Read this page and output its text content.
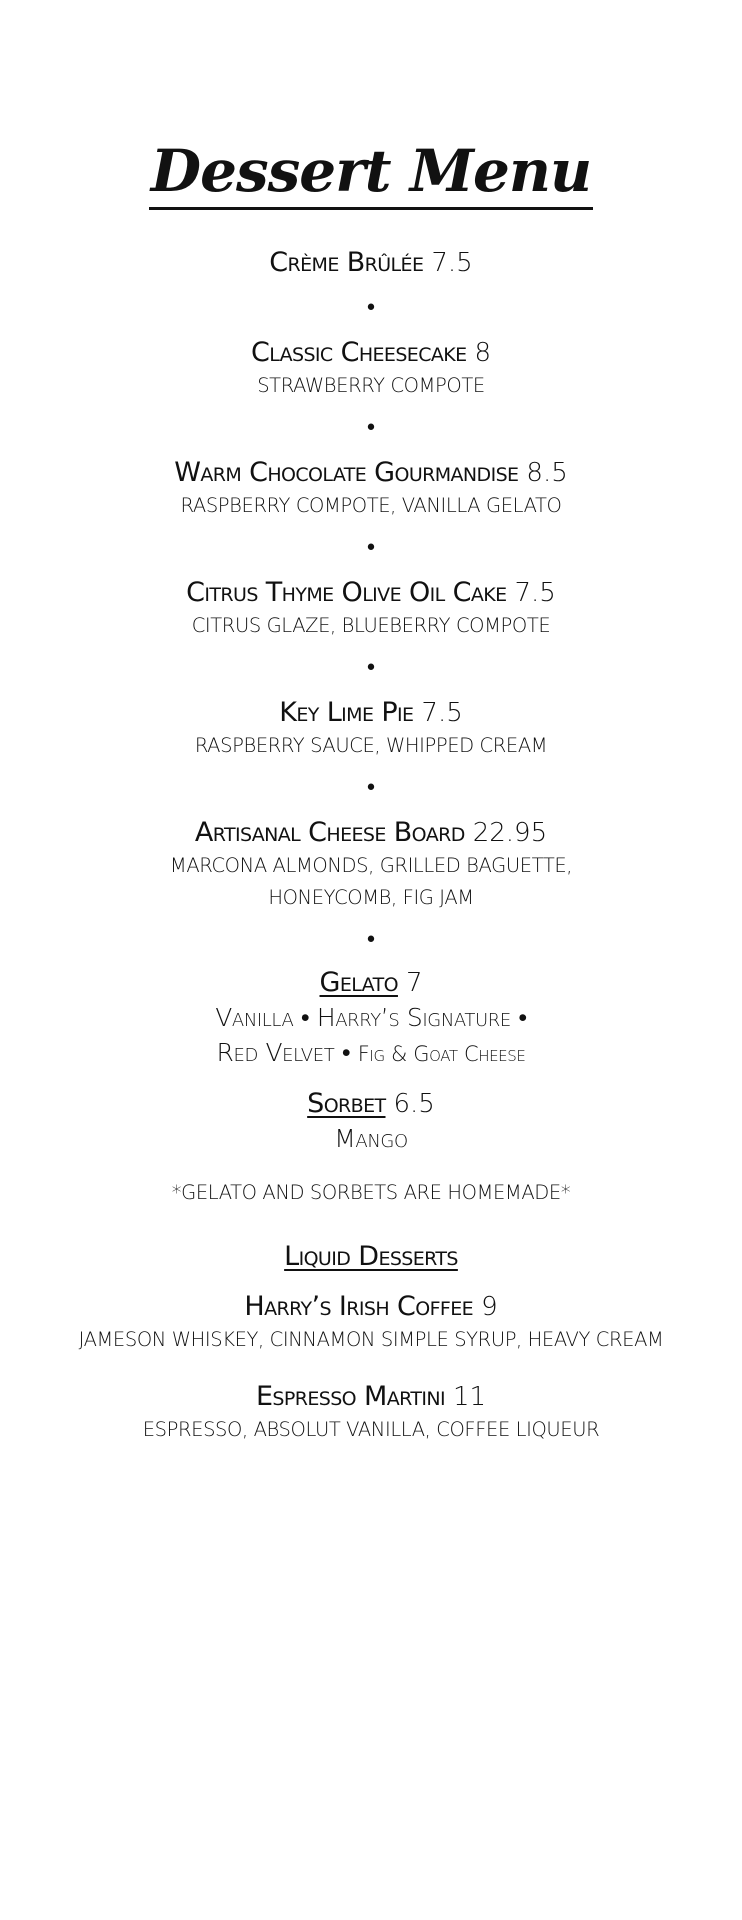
Dessert Menu
Crème Brûlée 7.5
•
Classic Cheesecake 8
STRAWBERRY COMPOTE
•
Warm Chocolate Gourmandise 8.5
RASPBERRY COMPOTE, VANILLA GELATO
•
Citrus Thyme Olive Oil Cake 7.5
CITRUS GLAZE, BLUEBERRY COMPOTE
•
Key Lime Pie 7.5
RASPBERRY SAUCE, WHIPPED CREAM
•
Artisanal Cheese Board 22.95
MARCONA ALMONDS, GRILLED BAGUETTE,
HONEYCOMB, FIG JAM
•
Gelato 7
Vanilla • Harry’s Signature •
Red Velvet • Fig & Goat Cheese
Sorbet 6.5
Mango
*GELATO AND SORBETS ARE HOMEMADE*
Liquid Desserts
Harry’s Irish Coffee 9
JAMESON WHISKEY, CINNAMON SIMPLE SYRUP, HEAVY CREAM
Espresso Martini 11
ESPRESSO, ABSOLUT VANILLA, COFFEE LIQUEUR
